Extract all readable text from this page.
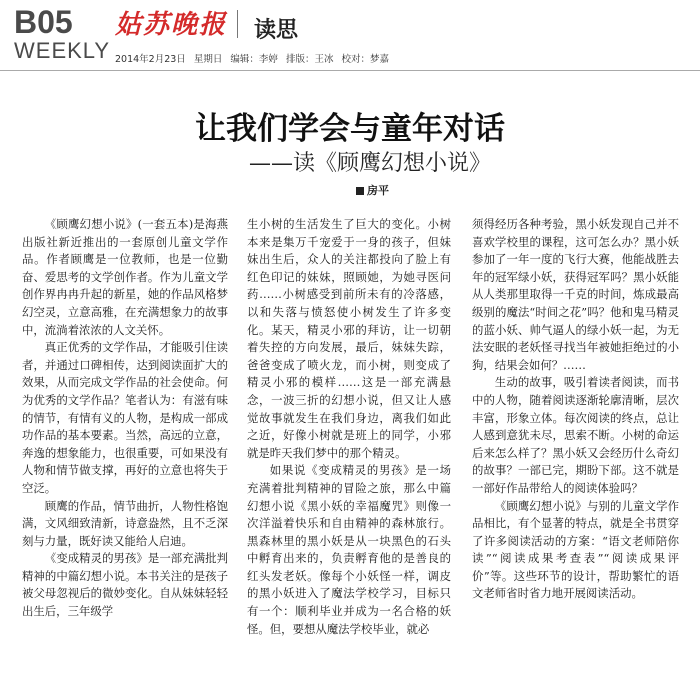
B05
WEEKLY
姑苏晚报 读思
2014年2月23日 星期日 编辑：李婷 排版：王冰 校对：梦嘉
让我们学会与童年对话
——读《顾鹰幻想小说》
房平

《顾鹰幻想小说》(一套五本)是海燕出版社新近推出的一套原创儿童文学作品。作者顾鹰是一位教师，也是一位勤奋、爱思考的文学创作者。作为儿童文学创作界冉冉升起的新星，她的作品风格梦幻空灵，立意高雅，在充满想象力的故事中，流淌着浓浓的人文关怀。

真正优秀的文学作品，才能吸引住读者，并通过口碑相传，达到阅读面扩大的效果，从而完成文学作品的社会使命。何为优秀的文学作品？笔者认为：有滋有味的情节，有情有义的人物，是构成一部成功作品的基本要素。当然，高远的立意，奔逸的想象能力，也很重要，可如果没有人物和情节做支撑，再好的立意也将失于空泛。

顾鹰的作品，情节曲折，人物性格饱满，文风细致清新，诗意盎然，且不乏深刻与力量，既好读又能给人启迪。

《变成精灵的男孩》是一部充满批判精神的中篇幻想小说。本书关注的是孩子被父母忽视后的微妙变化。自从妹妹轻轻出生后，三年级学

生小树的生活发生了巨大的变化。小树本来是集万千宠爱于一身的孩子，但妹妹出生后，众人的关注都投向了脸上有红色印记的妹妹，照顾她，为她寻医问药……小树感受到前所未有的冷落感，以和失落与愤怒使小树发生了许多变化。某天，精灵小邪的拜访，让一切朝着失控的方向发展，最后，妹妹失踪，爸爸变成了喷火龙，而小树，则变成了精灵小邪的模样……这是一部充满悬念，一波三折的幻想小说，但又让人感觉故事就发生在我们身边，离我们如此之近，好像小树就是班上的同学，小邪就是昨天我们梦中的那个精灵。

如果说《变成精灵的男孩》是一场充满着批判精神的冒险之旅，那么中篇幻想小说《黑小妖的幸福魔咒》则像一次洋溢着快乐和自由精神的森林旅行。黑森林里的黑小妖是从一块黑色的石头中孵育出来的，负责孵育他的是善良的红头发老妖。像每个小妖怪一样，调皮的黑小妖进入了魔法学校学习，目标只有一个：顺利毕业并成为一名合格的妖怪。但，要想从魔法学校毕业，就必

须得经历各种考验，黑小妖发现自己并不喜欢学校里的课程，这可怎么办？黑小妖参加了一年一度的飞行大赛，他能战胜去年的冠军绿小妖，获得冠军吗？黑小妖能从人类那里取得一千克的时间，炼成最高级别的魔法“时间之花”吗？他和鬼马精灵的蓝小妖、帅气逼人的绿小妖一起，为无法安眠的老妖怪寻找当年被她拒绝过的小狗，结果会如何？……

生动的故事，吸引着读者阅读，而书中的人物，随着阅读逐渐轮廓清晰，层次丰富，形象立体。每次阅读的终点，总让人感到意犹未尽，思索不断。小树的命运后来怎么样了？黑小妖又会经历什么奇幻的故事？一部已完，期盼下部。这不就是一部好作品带给人的阅读体验吗？

《顾鹰幻想小说》与别的儿童文学作品相比，有个显著的特点，就是全书贯穿了许多阅读活动的方案：“语文老师陪你读”“阅读成果考查表”“阅读成果评价”等。这些环节的设计，帮助繁忙的语文老师省时省力地开展阅读活动。
